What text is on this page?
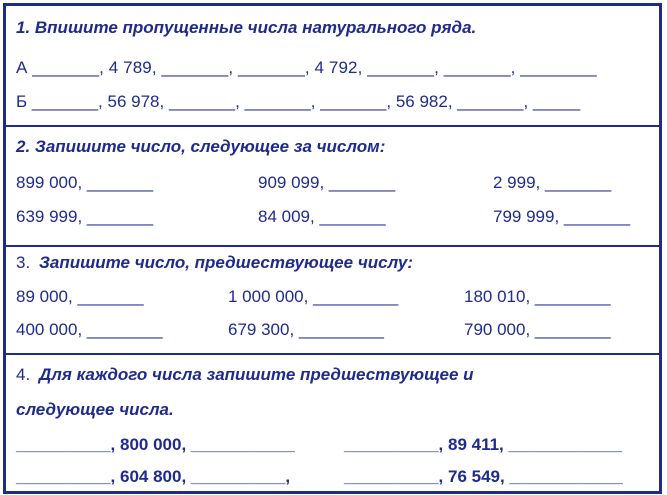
1. Впишите пропущенные числа натурального ряда.
А _______, 4 789, _______, _______, 4 792, _______, _______, ________
Б _______, 56 978, _______, _______, _______, 56 982, _______, _____
2. Запишите число, следующее за числом:
899 000, _______	909 099, _______	2 999, _______
639 999, _______	84 009, _______	799 999, _______
3. Запишите число, предшествующее числу:
89 000, _______	1 000 000, _________	180 010, ________
400 000, ________	679 300, _________	790 000, ________
4. Для каждого числа запишите предшествующее и
следующее числа.
__________, 800 000, ___________	__________, 89 411, ____________
__________, 604 800, __________,	__________, 76 549, ____________
